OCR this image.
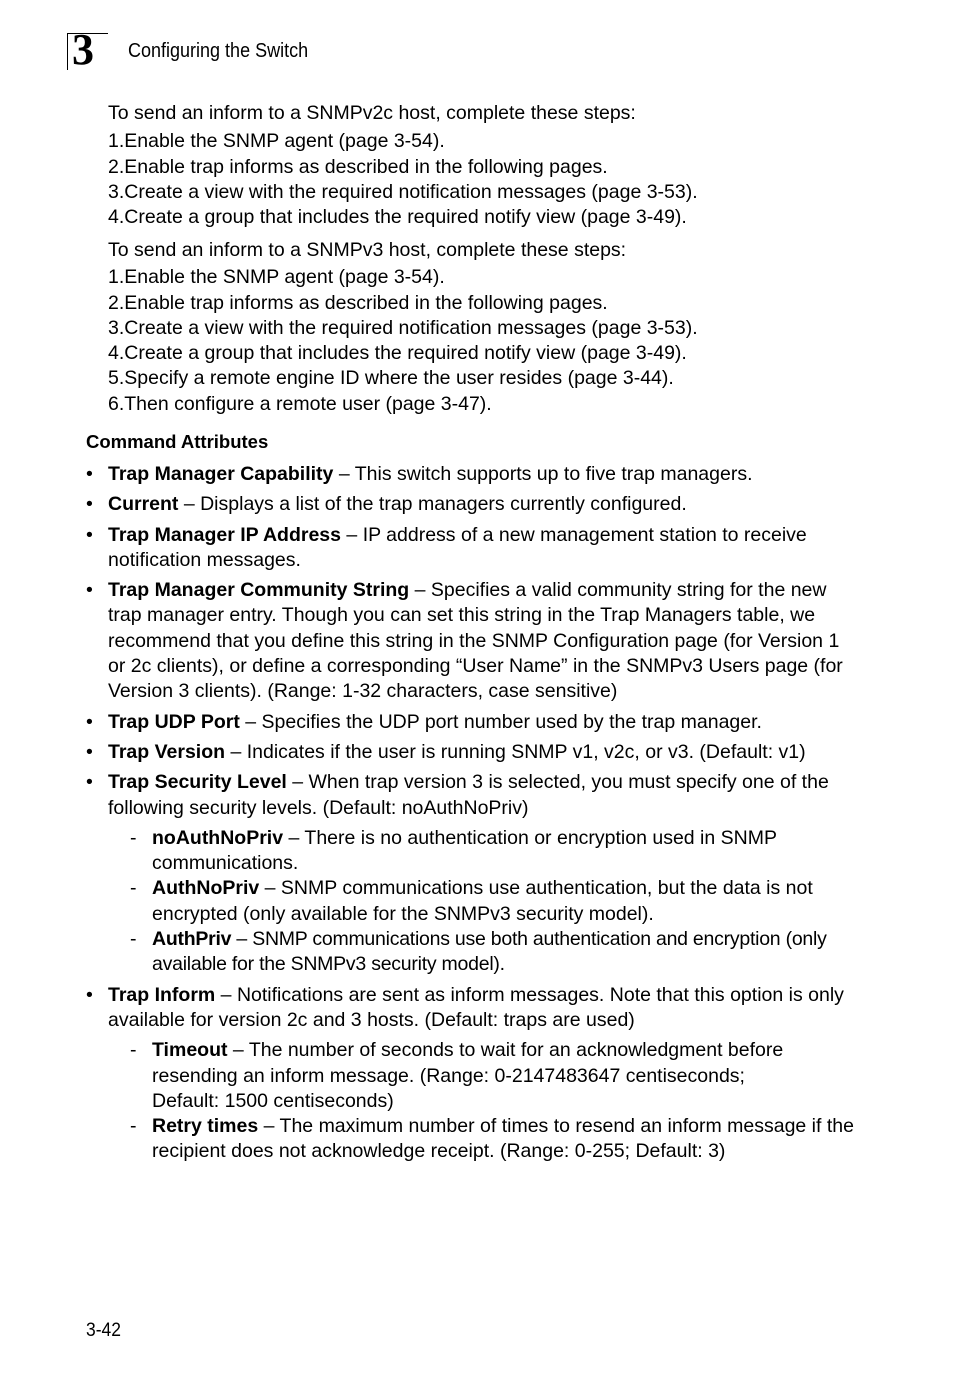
3 Configuring the Switch
To send an inform to a SNMPv2c host, complete these steps:
1.Enable the SNMP agent (page 3-54).
2.Enable trap informs as described in the following pages.
3.Create a view with the required notification messages (page 3-53).
4.Create a group that includes the required notify view (page 3-49).
To send an inform to a SNMPv3 host, complete these steps:
1.Enable the SNMP agent (page 3-54).
2.Enable trap informs as described in the following pages.
3.Create a view with the required notification messages (page 3-53).
4.Create a group that includes the required notify view (page 3-49).
5.Specify a remote engine ID where the user resides (page 3-44).
6.Then configure a remote user (page 3-47).
Command Attributes
• Trap Manager Capability – This switch supports up to five trap managers.
• Current – Displays a list of the trap managers currently configured.
• Trap Manager IP Address – IP address of a new management station to receive notification messages.
• Trap Manager Community String – Specifies a valid community string for the new trap manager entry. Though you can set this string in the Trap Managers table, we recommend that you define this string in the SNMP Configuration page (for Version 1 or 2c clients), or define a corresponding “User Name” in the SNMPv3 Users page (for Version 3 clients). (Range: 1-32 characters, case sensitive)
• Trap UDP Port – Specifies the UDP port number used by the trap manager.
• Trap Version – Indicates if the user is running SNMP v1, v2c, or v3. (Default: v1)
• Trap Security Level – When trap version 3 is selected, you must specify one of the following security levels. (Default: noAuthNoPriv)
- noAuthNoPriv – There is no authentication or encryption used in SNMP communications.
- AuthNoPriv – SNMP communications use authentication, but the data is not encrypted (only available for the SNMPv3 security model).
- AuthPriv – SNMP communications use both authentication and encryption (only available for the SNMPv3 security model).
• Trap Inform – Notifications are sent as inform messages. Note that this option is only available for version 2c and 3 hosts. (Default: traps are used)
- Timeout – The number of seconds to wait for an acknowledgment before resending an inform message. (Range: 0-2147483647 centiseconds;
Default: 1500 centiseconds)
- Retry times – The maximum number of times to resend an inform message if the recipient does not acknowledge receipt. (Range: 0-255; Default: 3)
3-42
